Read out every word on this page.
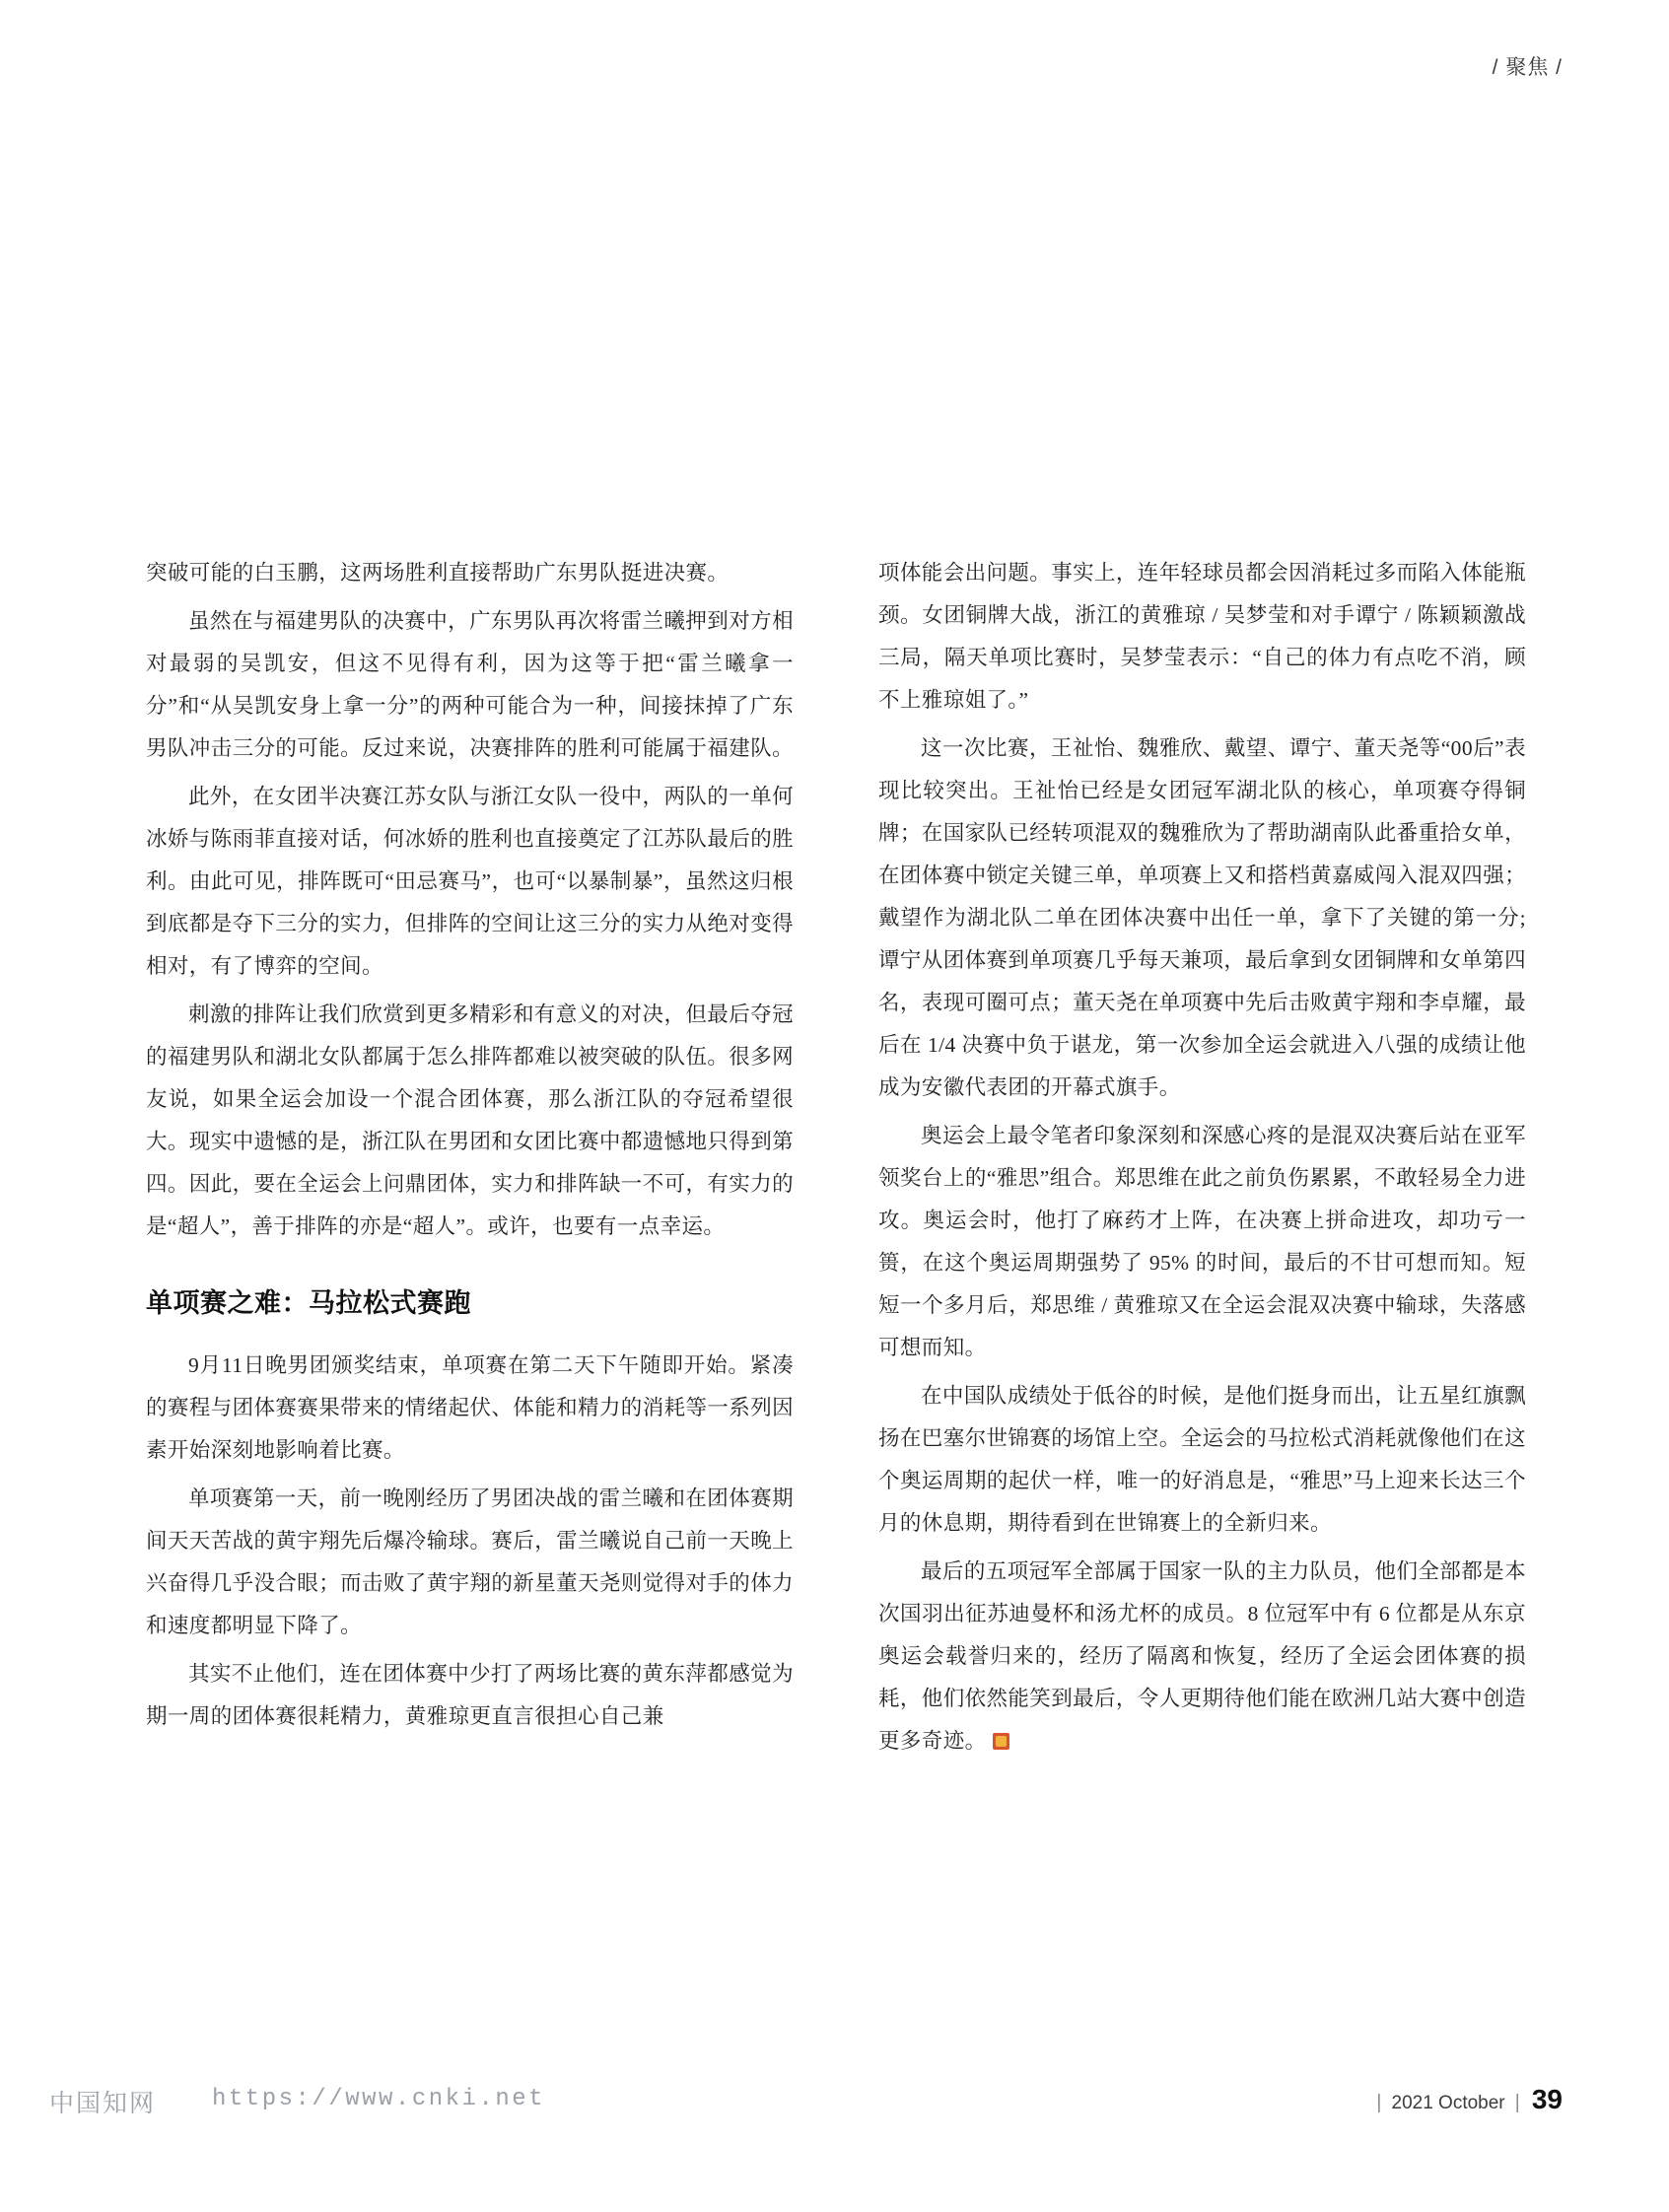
/ 聚焦 /

突破可能的白玉鹏，这两场胜利直接帮助广东男队挺进决赛。

虽然在与福建男队的决赛中，广东男队再次将雷兰曦押到对方相对最弱的吴凯安，但这不见得有利，因为这等于把“雷兰曦拿一分”和“从吴凯安身上拿一分”的两种可能合为一种，间接抹掉了广东男队冲击三分的可能。反过来说，决赛排阵的胜利可能属于福建队。

此外，在女团半决赛江苏女队与浙江女队一役中，两队的一单何冰娇与陈雨菲直接对话，何冰娇的胜利也直接奠定了江苏队最后的胜利。由此可见，排阵既可“田忌赛马”，也可“以暴制暴”，虽然这归根到底都是夺下三分的实力，但排阵的空间让这三分的实力从绝对变得相对，有了博弈的空间。

刺激的排阵让我们欣赏到更多精彩和有意义的对决，但最后夺冠的福建男队和湖北女队都属于怎么排阵都难以被突破的队伍。很多网友说，如果全运会加设一个混合团体赛，那么浙江队的夺冠希望很大。现实中遗憾的是，浙江队在男团和女团比赛中都遗憾地只得到第四。因此，要在全运会上问鼎团体，实力和排阵缺一不可，有实力的是“超人”，善于排阵的亦是“超人”。或许，也要有一点幸运。

单项赛之难：马拉松式赛跑

9月11日晚男团颁奖结束，单项赛在第二天下午随即开始。紧凑的赛程与团体赛赛果带来的情绪起伏、体能和精力的消耗等一系列因素开始深刻地影响着比赛。

单项赛第一天，前一晚刚经历了男团决战的雷兰曦和在团体赛期间天天苦战的黄宇翔先后爆冷输球。赛后，雷兰曦说自己前一天晚上兴奋得几乎没合眼；而击败了黄宇翔的新星董天尧则觉得对手的体力和速度都明显下降了。

其实不止他们，连在团体赛中少打了两场比赛的黄东萍都感觉为期一周的团体赛很耗精力，黄雅琼更直言很担心自己兼

项体能会出问题。事实上，连年轻球员都会因消耗过多而陷入体能瓶颈。女团铜牌大战，浙江的黄雅琼 / 吴梦莹和对手谭宁 / 陈颖颖激战三局，隔天单项比赛时，吴梦莹表示：“自己的体力有点吃不消，顾不上雅琼姐了。”

这一次比赛，王祉怡、魏雅欣、戴望、谭宁、董天尧等“00后”表现比较突出。王祉怡已经是女团冠军湖北队的核心，单项赛夺得铜牌；在国家队已经转项混双的魏雅欣为了帮助湖南队此番重拾女单，在团体赛中锁定关键三单，单项赛上又和搭档黄嘉威闯入混双四强；戴望作为湖北队二单在团体决赛中出任一单，拿下了关键的第一分; 谭宁从团体赛到单项赛几乎每天兼项，最后拿到女团铜牌和女单第四名，表现可圈可点；董天尧在单项赛中先后击败黄宇翔和李卓耀，最后在 1/4 决赛中负于谌龙，第一次参加全运会就进入八强的成绩让他成为安徽代表团的开幕式旗手。

奥运会上最令笔者印象深刻和深感心疼的是混双决赛后站在亚军领奖台上的“雅思”组合。郑思维在此之前负伤累累，不敢轻易全力进攻。奥运会时，他打了麻药才上阵，在决赛上拼命进攻，却功亏一篑，在这个奥运周期强势了 95% 的时间，最后的不甘可想而知。短短一个多月后，郑思维 / 黄雅琼又在全运会混双决赛中输球，失落感可想而知。

在中国队成绩处于低谷的时候，是他们挺身而出，让五星红旗飘扬在巴塞尔世锦赛的场馆上空。全运会的马拉松式消耗就像他们在这个奥运周期的起伏一样，唯一的好消息是，“雅思”马上迎来长达三个月的休息期，期待看到在世锦赛上的全新归来。

最后的五项冠军全部属于国家一队的主力队员，他们全部都是本次国羽出征苏迪曼杯和汤尤杯的成员。8 位冠军中有 6 位都是从东京奥运会载誉归来的，经历了隔离和恢复，经历了全运会团体赛的损耗，他们依然能笑到最后，令人更期待他们能在欧洲几站大赛中创造更多奇迹。

中国知网 https://www.cnki.net	| 2021 October | 39
